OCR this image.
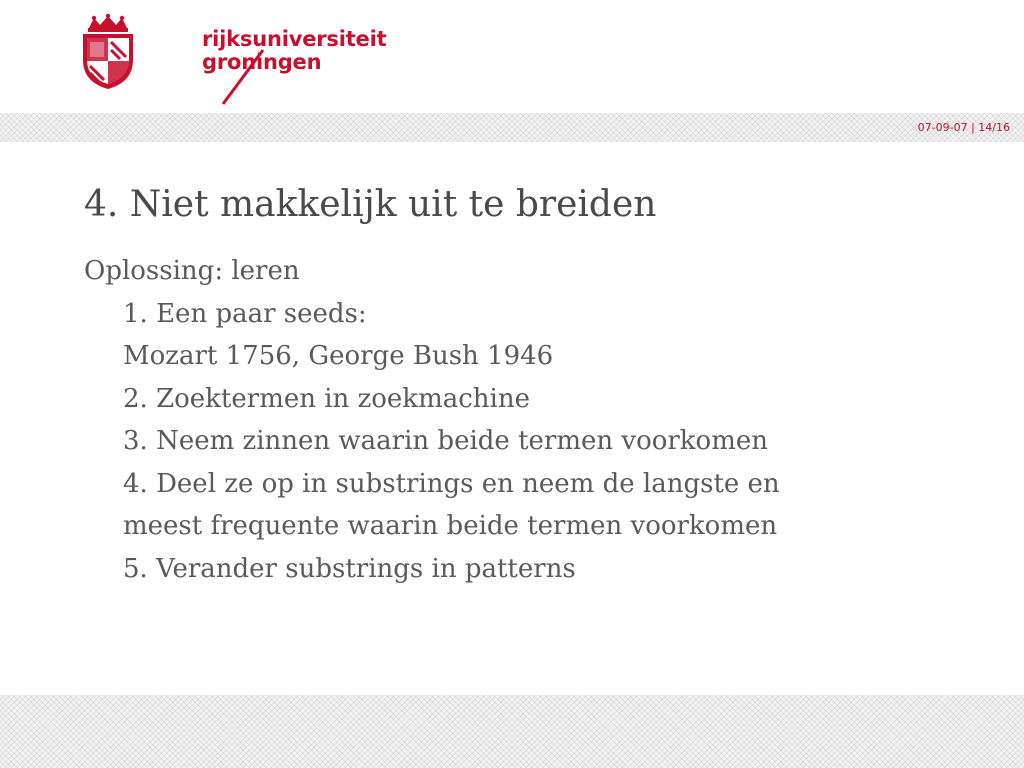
rijksuniversiteit
groningen
07-09-07 | 14/16
4. Niet makkelijk uit te breiden
Oplossing: leren
1. Een paar seeds:
Mozart 1756, George Bush 1946
2. Zoektermen in zoekmachine
3. Neem zinnen waarin beide termen voorkomen
4. Deel ze op in substrings en neem de langste en
meest frequente waarin beide termen voorkomen
5. Verander substrings in patterns
